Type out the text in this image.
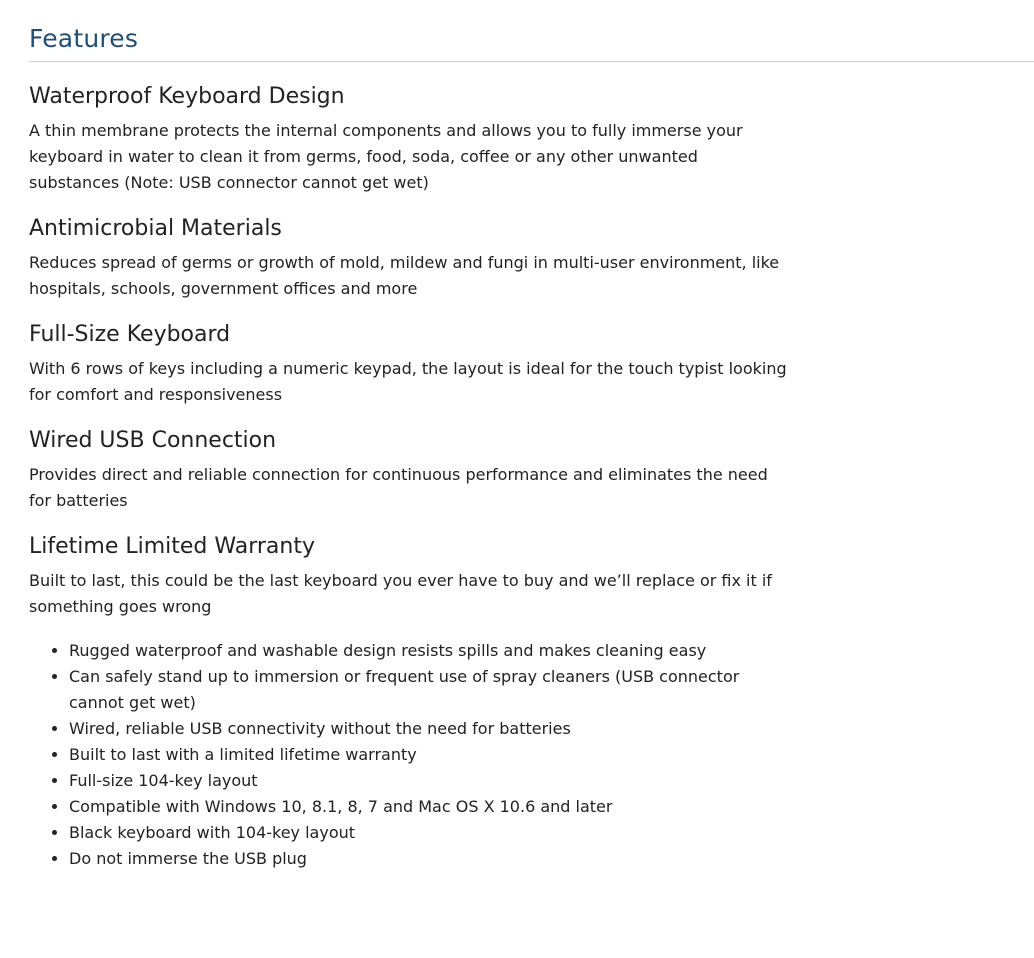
Features
Waterproof Keyboard Design

A thin membrane protects the internal components and allows you to fully immerse your keyboard in water to clean it from germs, food, soda, coffee or any other unwanted substances (Note: USB connector cannot get wet)

Antimicrobial Materials

Reduces spread of germs or growth of mold, mildew and fungi in multi-user environment, like hospitals, schools, government offices and more

Full-Size Keyboard

With 6 rows of keys including a numeric keypad, the layout is ideal for the touch typist looking for comfort and responsiveness

Wired USB Connection

Provides direct and reliable connection for continuous performance and eliminates the need for batteries

Lifetime Limited Warranty

Built to last, this could be the last keyboard you ever have to buy and we’ll replace or fix it if something goes wrong

• Rugged waterproof and washable design resists spills and makes cleaning easy
• Can safely stand up to immersion or frequent use of spray cleaners (USB connector cannot get wet)
• Wired, reliable USB connectivity without the need for batteries
• Built to last with a limited lifetime warranty
• Full-size 104-key layout
• Compatible with Windows 10, 8.1, 8, 7 and Mac OS X 10.6 and later
• Black keyboard with 104-key layout
• Do not immerse the USB plug
